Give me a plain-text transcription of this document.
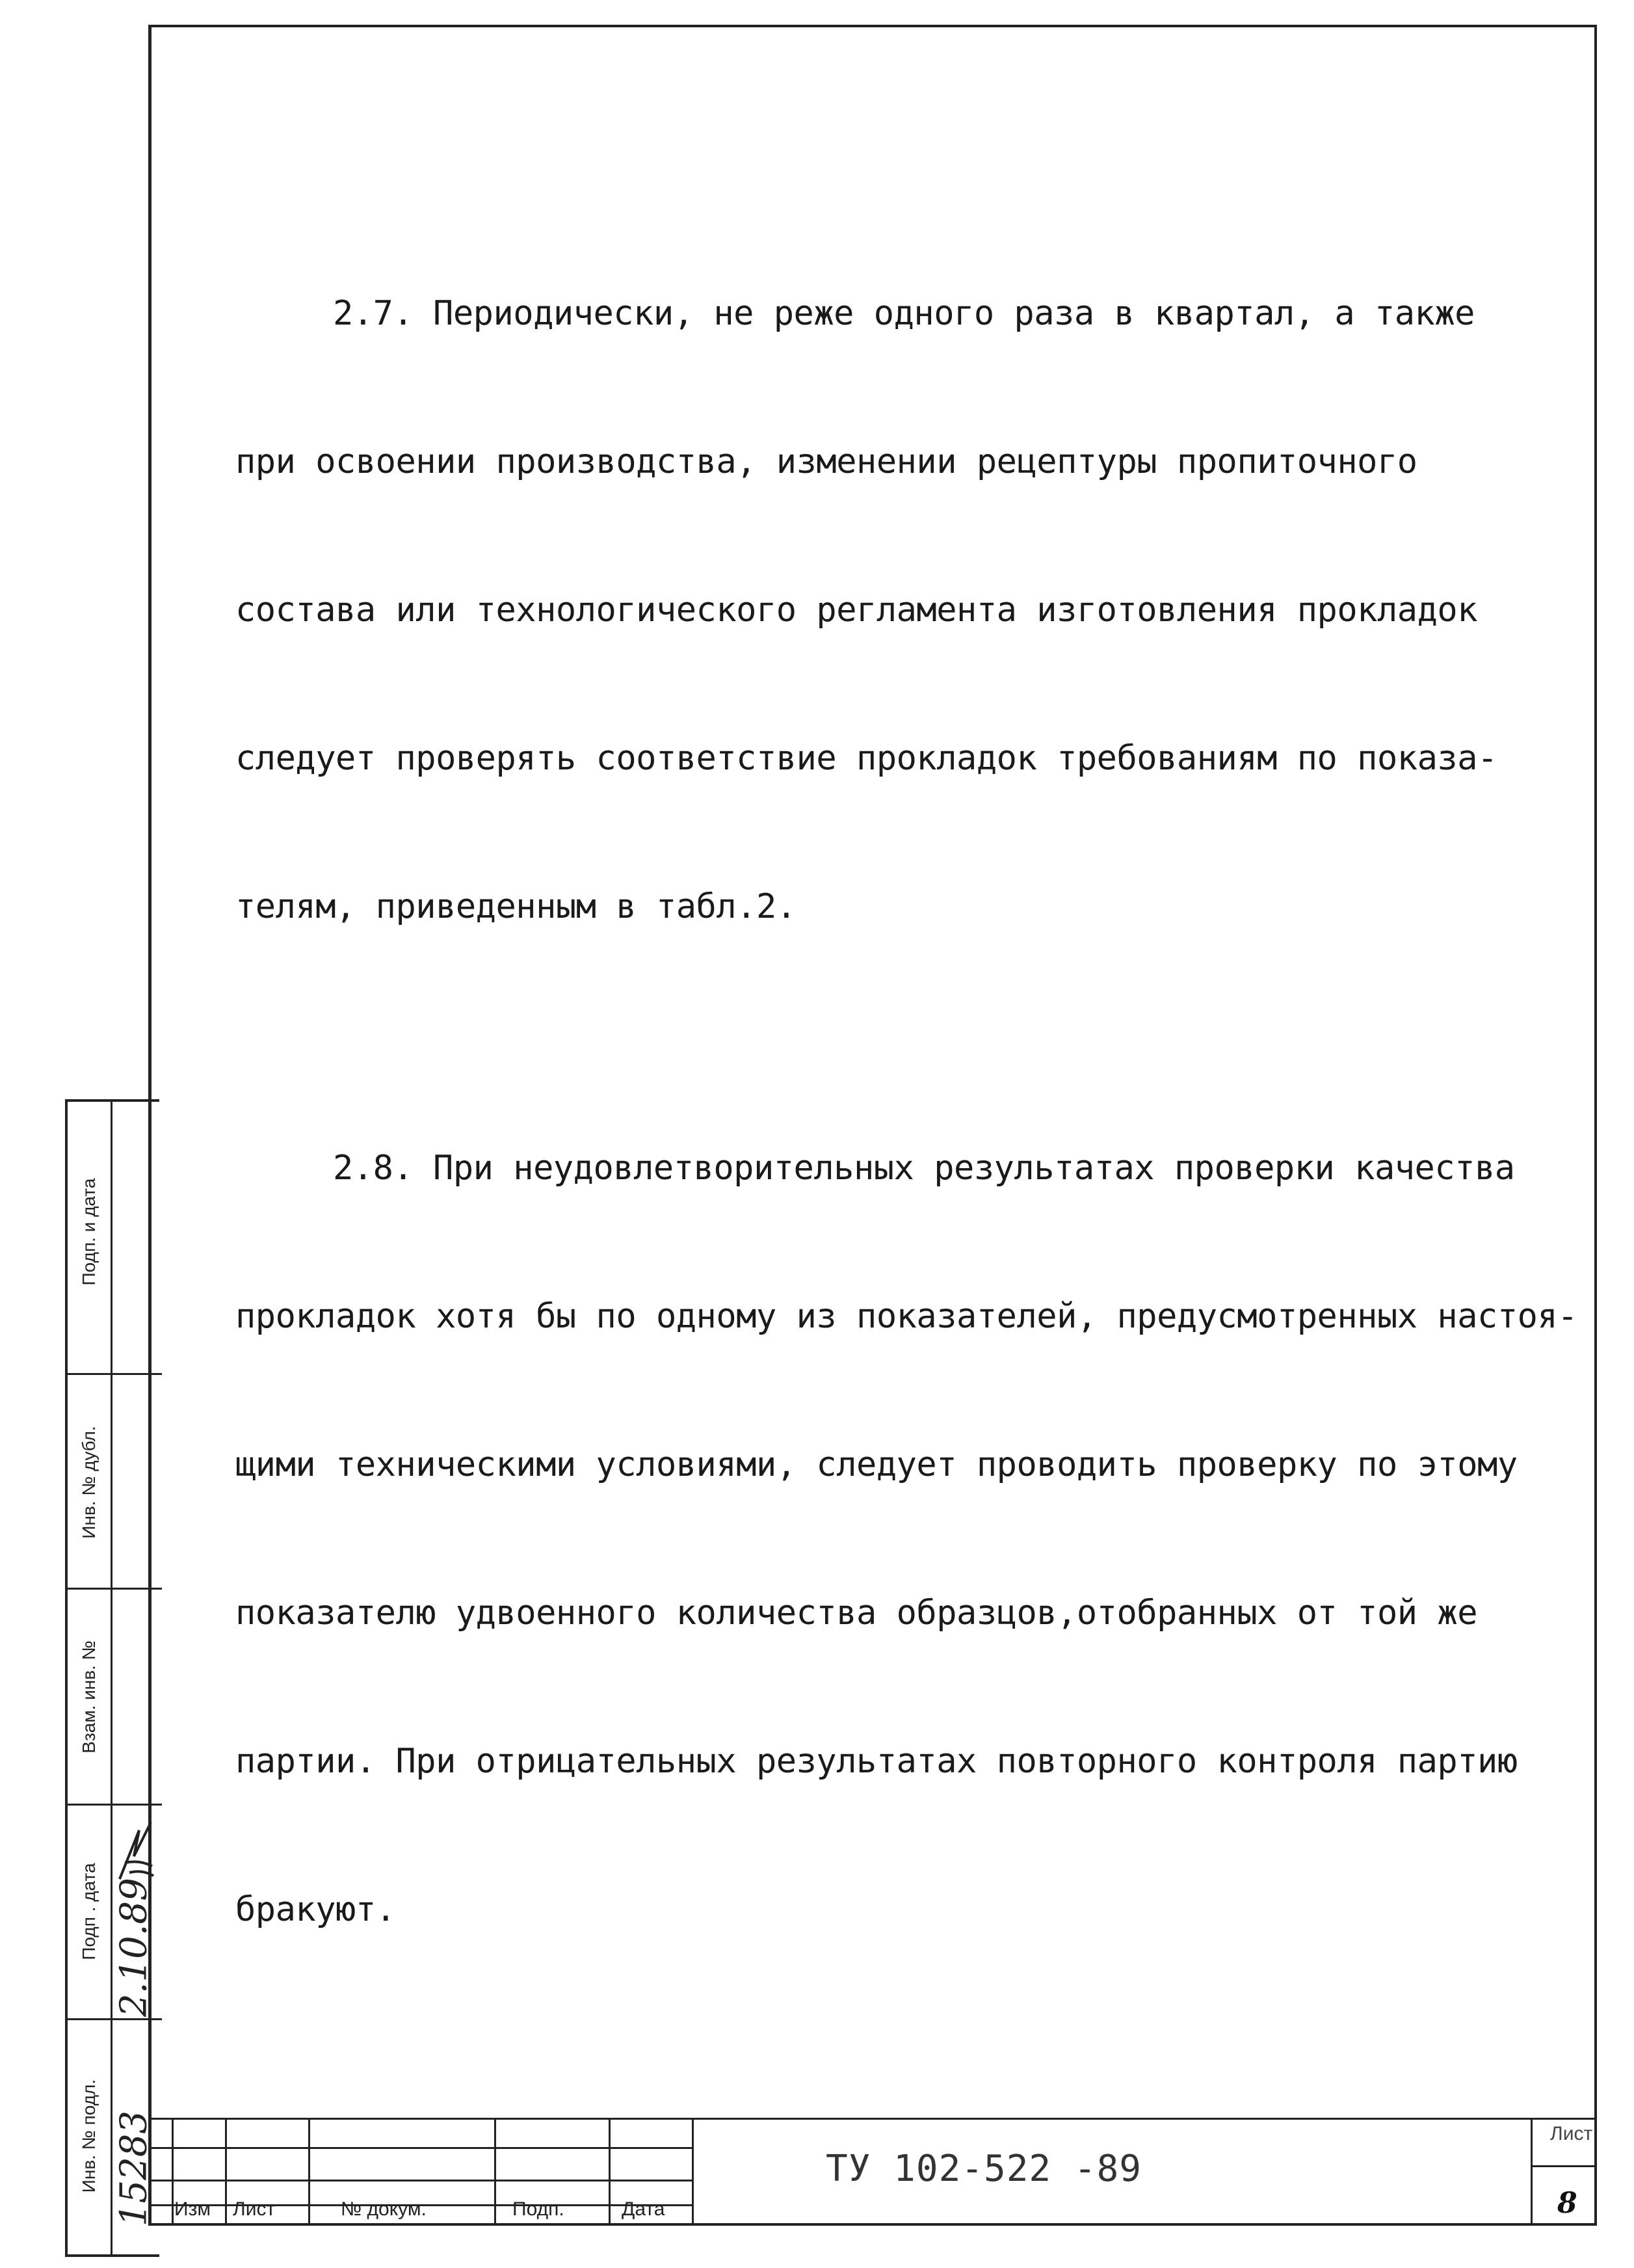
2.7. Периодически, не реже одного раза в квартал, а также

при освоении производства, изменении рецептуры пропиточного

состава или технологического регламента изготовления прокладок

следует проверять соответствие прокладок требованиям по показа-

телям, приведенным в табл.2.

2.8. При неудовлетворительных результатах проверки качества

прокладок хотя бы по одному из показателей, предусмотренных настоя-

щими техническими условиями, следует проводить проверку по этому

показателю удвоенного количества образцов,отобранных от той же

партии. При отрицательных результатах повторного контроля партию

бракуют.

Подп. и дата
Инв. № дубл.
Взам. инв. №
Подп . дата
Инв. № подл.
2.10.89
15283 Изм Лист	№ докум.	Подп.	Дата
ТУ 102-522 -89
Лист
8
